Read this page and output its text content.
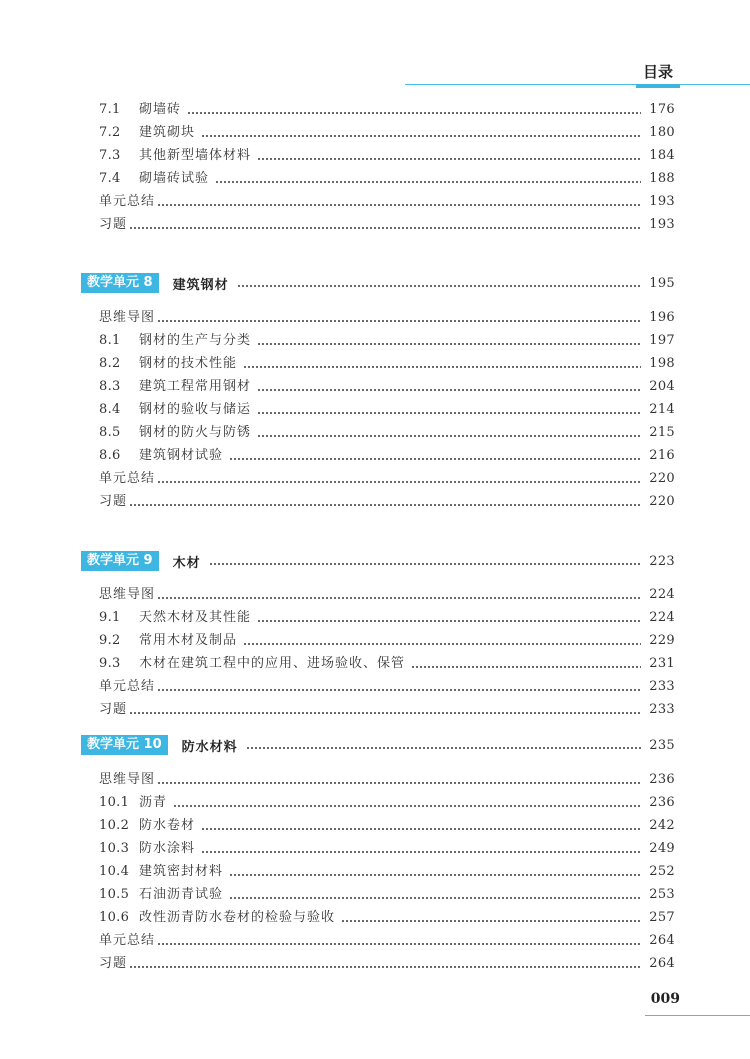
目录
7.1	砌墙砖	176
7.2	建筑砌块	180
7.3	其他新型墙体材料	184
7.4	砌墙砖试验	188
单元总结	193
习题	193
教学单元 8	建筑钢材	195
思维导图	196
8.1	钢材的生产与分类	197
8.2	钢材的技术性能	198
8.3	建筑工程常用钢材	204
8.4	钢材的验收与储运	214
8.5	钢材的防火与防锈	215
8.6	建筑钢材试验	216
单元总结	220
习题	220
教学单元 9	木材	223
思维导图	224
9.1	天然木材及其性能	224
9.2	常用木材及制品	229
9.3	木材在建筑工程中的应用、进场验收、保管	231
单元总结	233
习题	233
教学单元 10	防水材料	235
思维导图	236
10.1 沥青	236
10.2 防水卷材	242
10.3 防水涂料	249
10.4 建筑密封材料	252
10.5 石油沥青试验	253
10.6 改性沥青防水卷材的检验与验收	257
单元总结	264
习题	264
009
